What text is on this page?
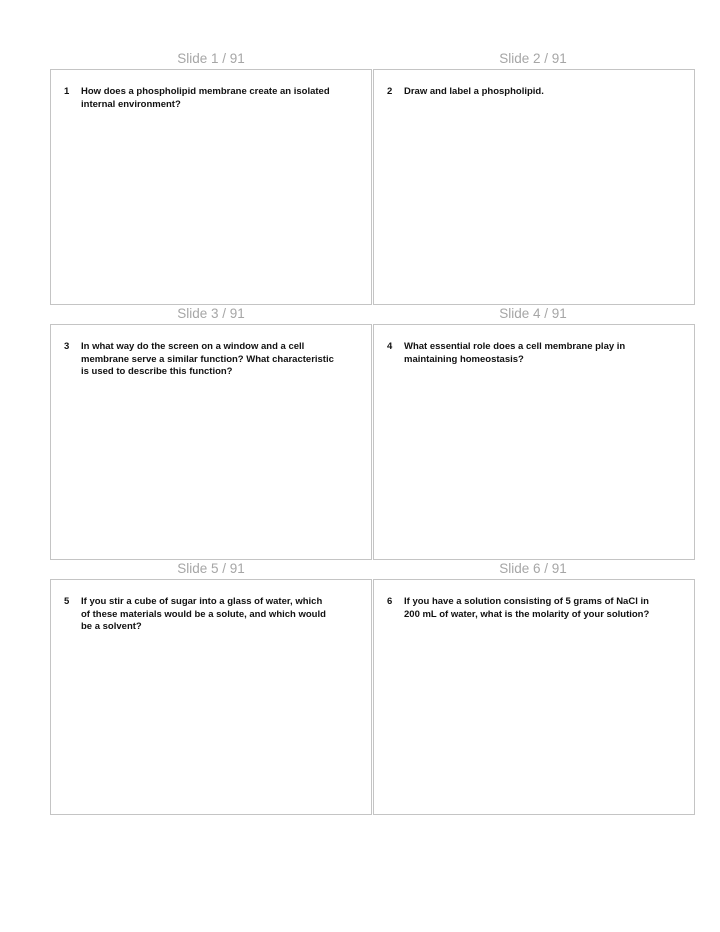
Slide 1 / 91	Slide 2 / 91
1 How does a phospholipid membrane create an isolated internal environment?
2 Draw and label a phospholipid.
Slide 3 / 91	Slide 4 / 91
3 In what way do the screen on a window and a cell membrane serve a similar function? What characteristic is used to describe this function?
4 What essential role does a cell membrane play in maintaining homeostasis?
Slide 5 / 91	Slide 6 / 91
5 If you stir a cube of sugar into a glass of water, which of these materials would be a solute, and which would be a solvent?
6 If you have a solution consisting of 5 grams of NaCl in 200 mL of water, what is the molarity of your solution?
